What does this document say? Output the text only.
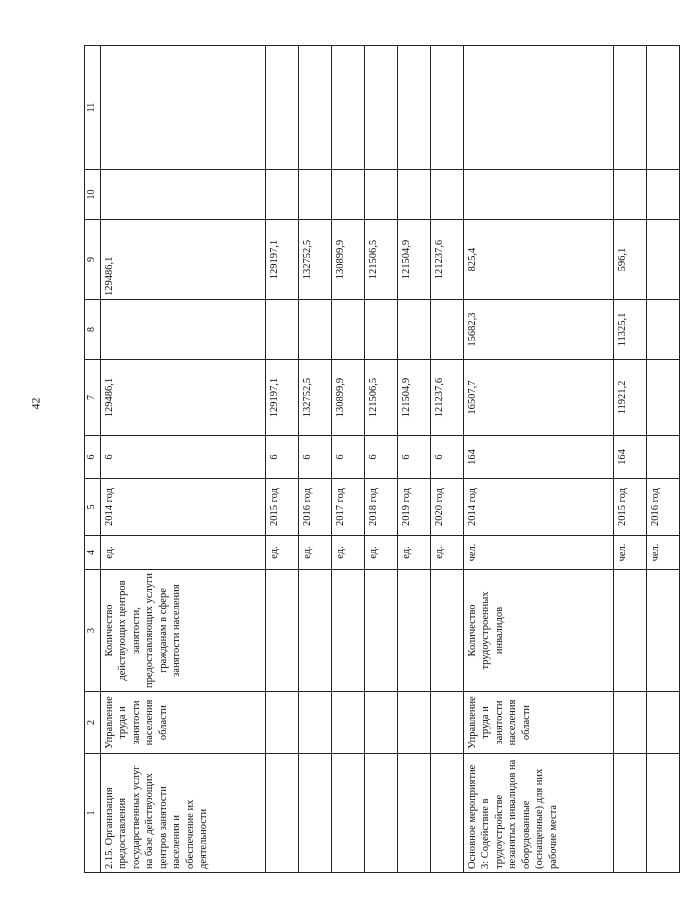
42
1	2	3	4	5	6	7	8	9	10	11
2.15. Организация предоставления государственных услуг на базе действующих центров занятости населения и обеспечение их деятельности	Управление труда и занятости населения области	Количество действующих центров занятости, предоставляющих услуги гражданам в сфере занятости населения	ед.	2014 год	6	129486,1		129486,1		
			ед.	2015 год	6	129197,1		129197,1		
			ед.	2016 год	6	132752,5		132752,5		
			ед.	2017 год	6	130899,9		130899,9		
			ед.	2018 год	6	121506,5		121506,5		
			ед.	2019 год	6	121504,9		121504,9		
			ед.	2020 год	6	121237,6		121237,6		
Основное мероприятие 3: Содействие в трудоустройстве незанятых инвалидов на оборудованные (оснащенные) для них рабочие места	Управление труда и занятости населения области	Количество трудоустроенных инвалидов	чел.	2014 год	164	16507,7	15682,3	825,4		
			чел.	2015 год	164	11921,2	11325,1	596,1		
			чел.	2016 год						
